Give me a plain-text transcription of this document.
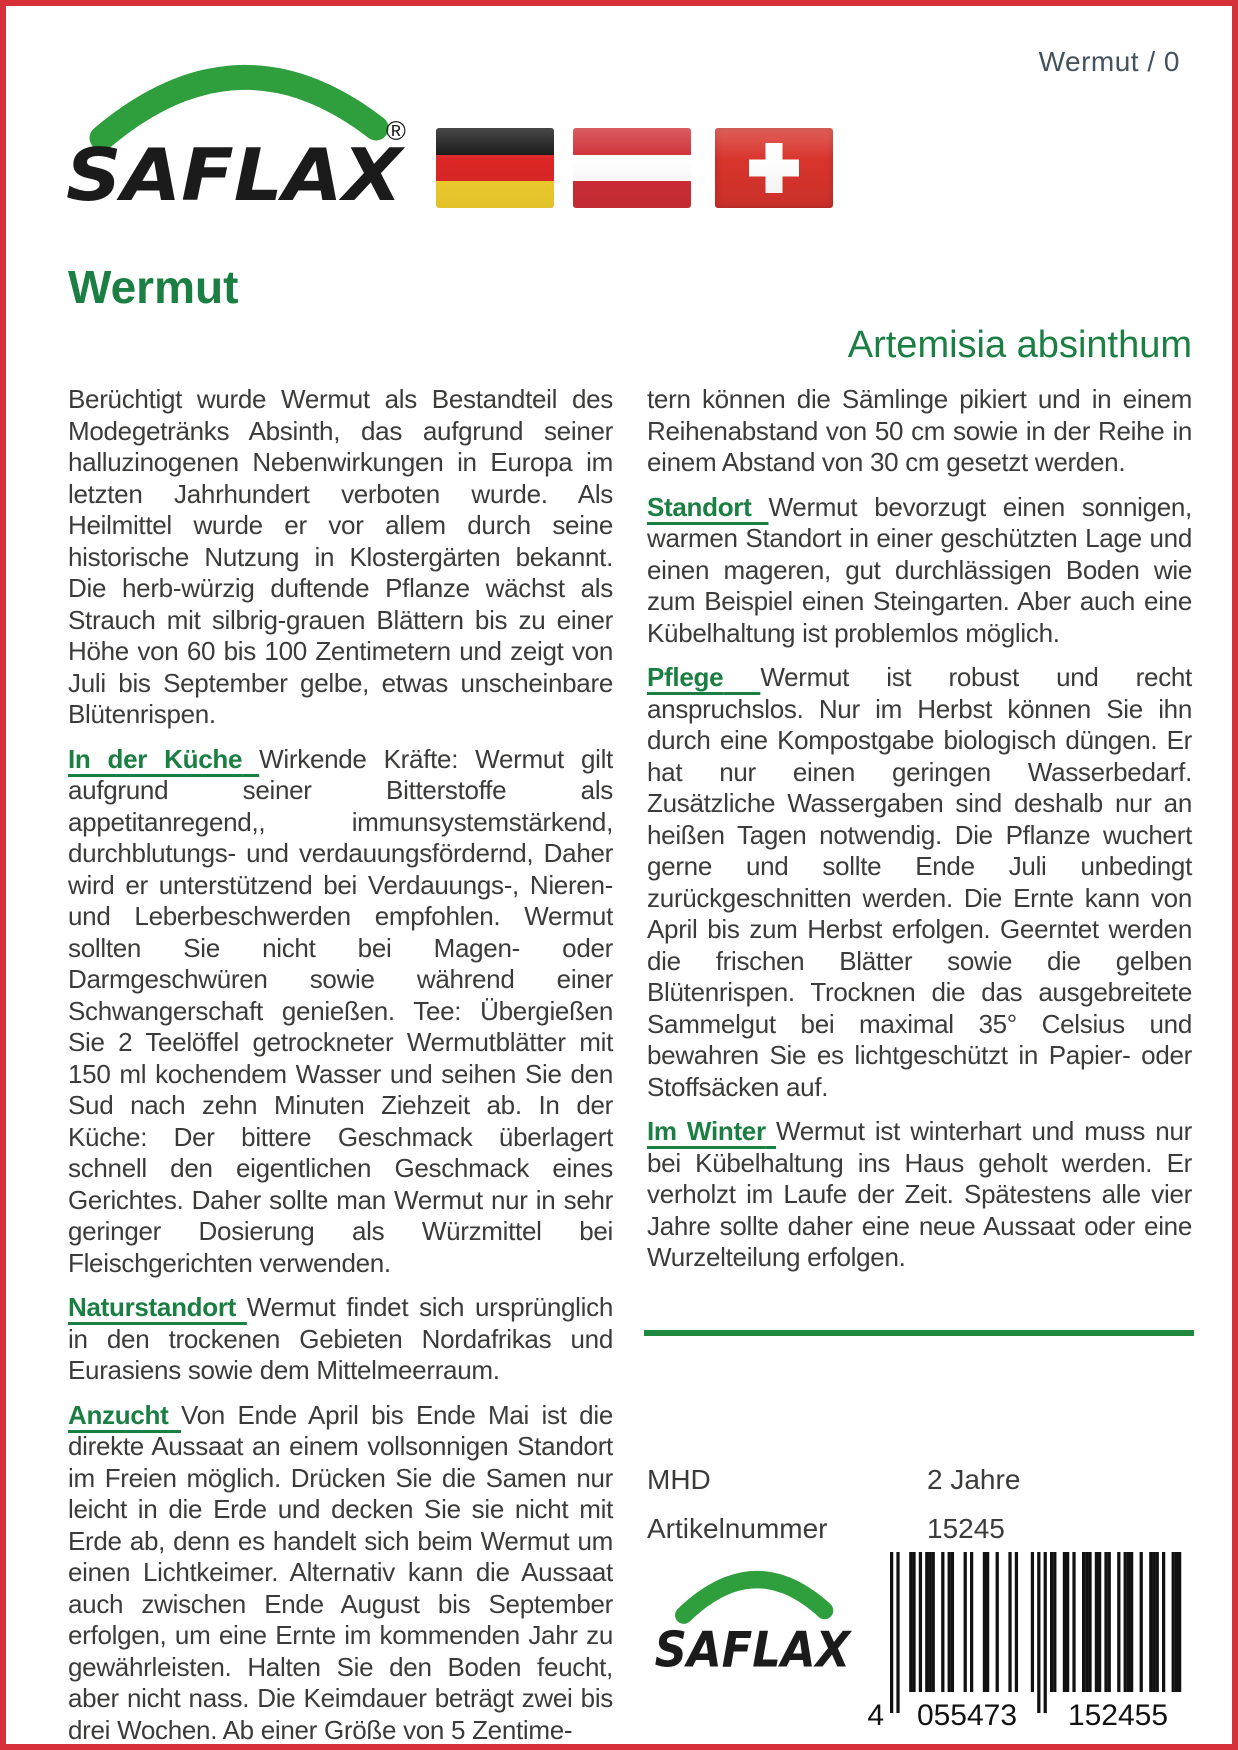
®
SAFLAX
Wermut / 0
Wermut
Artemisia absinthum

Berüchtigt wurde Wermut als Bestandteil des Modegetränks Absinth, das aufgrund seiner halluzinogenen Nebenwirkungen in Europa im letzten Jahrhundert verboten wurde. Als Heilmittel wurde er vor allem durch seine historische Nutzung in Klostergärten bekannt. Die herb-würzig duftende Pflanze wächst als Strauch mit silbrig-grauen Blättern bis zu einer Höhe von 60 bis 100 Zentimetern und zeigt von Juli bis September gelbe, etwas unscheinbare Blütenrispen.

In der Küche Wirkende Kräfte: Wermut gilt aufgrund seiner Bitterstoffe als appetitanregend,, immunsystemstärkend, durchblutungs- und verdauungsfördernd, Daher wird er unterstützend bei Verdauungs-, Nieren- und Leberbeschwerden empfohlen. Wermut sollten Sie nicht bei Magen- oder Darmgeschwüren sowie während einer Schwangerschaft genießen. Tee: Übergießen Sie 2 Teelöffel getrockneter Wermutblätter mit 150 ml kochendem Wasser und seihen Sie den Sud nach zehn Minuten Ziehzeit ab. In der Küche: Der bittere Geschmack überlagert schnell den eigentlichen Geschmack eines Gerichtes. Daher sollte man Wermut nur in sehr geringer Dosierung als Würzmittel bei Fleischgerichten verwenden.

Naturstandort Wermut findet sich ursprünglich in den trockenen Gebieten Nordafrikas und Eurasiens sowie dem Mittelmeerraum.

Anzucht Von Ende April bis Ende Mai ist die direkte Aussaat an einem vollsonnigen Standort im Freien möglich. Drücken Sie die Samen nur leicht in die Erde und decken Sie sie nicht mit Erde ab, denn es handelt sich beim Wermut um einen Lichtkeimer. Alternativ kann die Aussaat auch zwischen Ende August bis September erfolgen, um eine Ernte im kommenden Jahr zu gewährleisten. Halten Sie den Boden feucht, aber nicht nass. Die Keimdauer beträgt zwei bis drei Wochen. Ab einer Größe von 5 Zentime-

tern können die Sämlinge pikiert und in einem Reihenabstand von 50 cm sowie in der Reihe in einem Abstand von 30 cm gesetzt werden.

Standort Wermut bevorzugt einen sonnigen, warmen Standort in einer geschützten Lage und einen mageren, gut durchlässigen Boden wie zum Beispiel einen Steingarten. Aber auch eine Kübelhaltung ist problemlos möglich.

Pflege Wermut ist robust und recht anspruchslos. Nur im Herbst können Sie ihn durch eine Kompostgabe biologisch düngen. Er hat nur einen geringen Wasserbedarf. Zusätzliche Wassergaben sind deshalb nur an heißen Tagen notwendig. Die Pflanze wuchert gerne und sollte Ende Juli unbedingt zurückgeschnitten werden. Die Ernte kann von April bis zum Herbst erfolgen. Geerntet werden die frischen Blätter sowie die gelben Blütenrispen. Trocknen die das ausgebreitete Sammelgut bei maximal 35° Celsius und bewahren Sie es lichtgeschützt in Papier- oder Stoffsäcken auf.

Im Winter Wermut ist winterhart und muss nur bei Kübelhaltung ins Haus geholt werden. Er verholzt im Laufe der Zeit. Spätestens alle vier Jahre sollte daher eine neue Aussaat oder eine Wurzelteilung erfolgen.

MHD	2 Jahre
Artikelnummer	15245
SAFLAX
4 055473 152455
